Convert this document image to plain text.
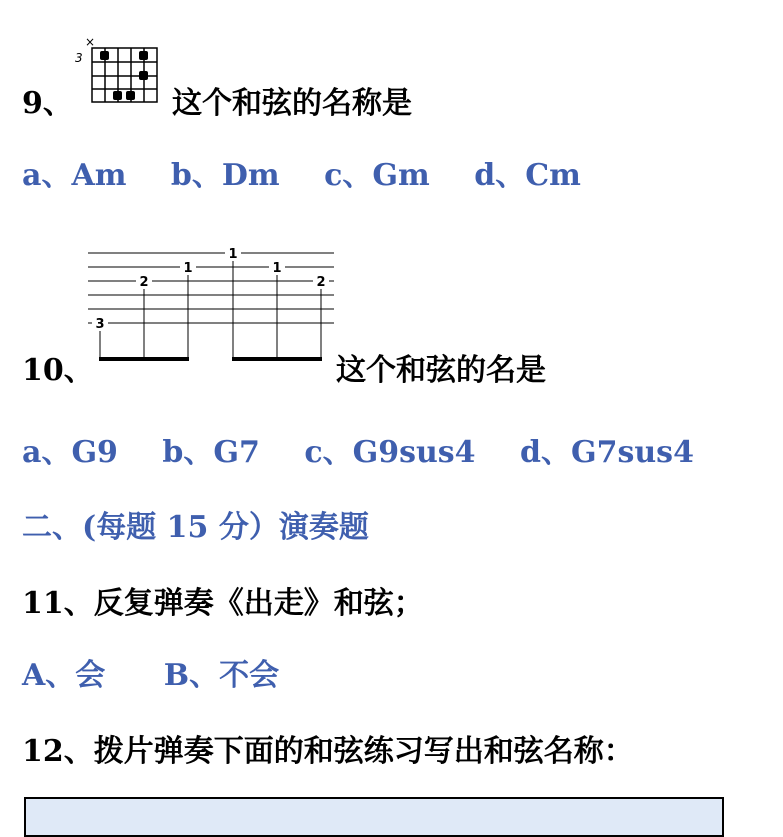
9、
3
×
这个和弦的名称是
a、Am b、Dm c、Gm d、Cm
3
2
1
1
1
2
10、	这个和弦的名是
a、G9 b、G7 c、G9sus4 d、G7sus4
二、(每题 15 分）演奏题
11、反复弹奏《出走》和弦；
A、会 B、不会
12、拨片弹奏下面的和弦练习写出和弦名称：
